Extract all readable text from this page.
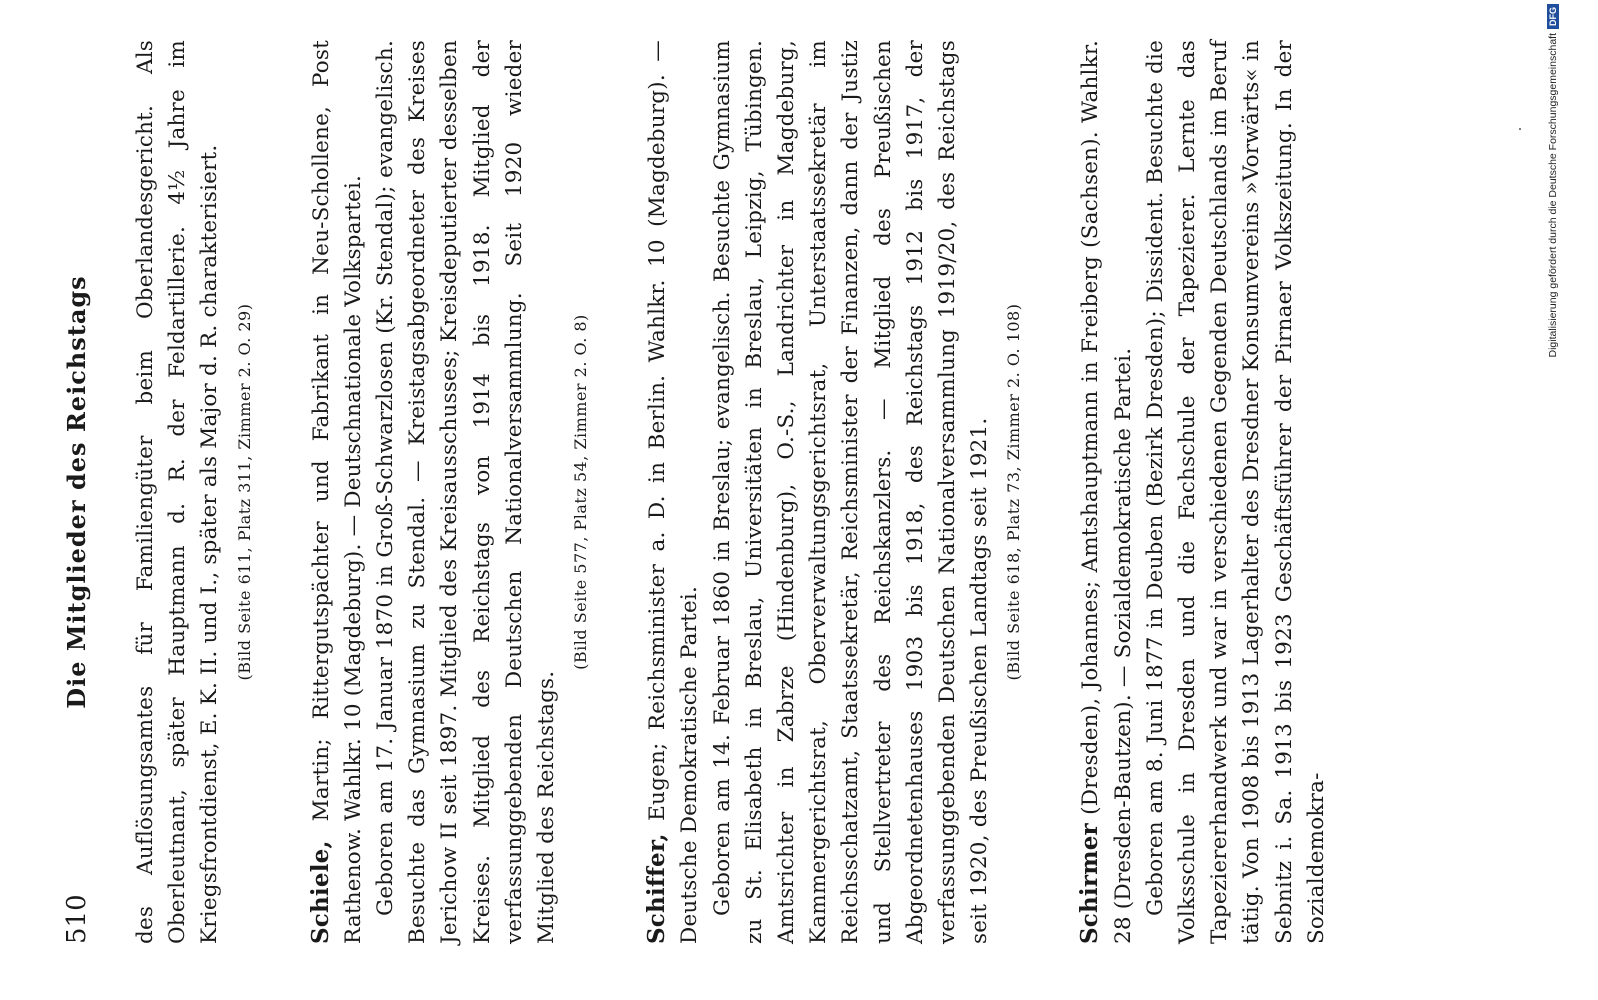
510
Die Mitglieder des Reichstags des Auflösungsamtes für Familiengüter beim Oberlandesgericht. Als Oberleutnant, später Hauptmann d. R. der Feldartillerie. 4½ Jahre im Kriegsfrontdienst, E. K. II. und I., später als Major d. R. charakterisiert. (Bild Seite 611, Platz 311, Zimmer 2. O. 29)

Schiele, Martin; Rittergutspächter und Fabrikant in Neu-Schollene, Post Rathenow. Wahlkr. 10 (Magdeburg). — Deutschnationale Volkspartei. Geboren am 17. Januar 1870 in Groß-Schwarzlosen (Kr. Stendal); evangelisch. Besuchte das Gymnasium zu Stendal. — Kreistagsabgeordneter des Kreises Jerichow II seit 1897. Mitglied des Kreisausschusses; Kreisdeputierter desselben Kreises. Mitglied des Reichstags von 1914 bis 1918. Mitglied der verfassunggebenden Deutschen Nationalversammlung. Seit 1920 wieder Mitglied des Reichstags.

(Bild Seite 577, Platz 54, Zimmer 2. O. 8)

Schiffer, Eugen; Reichsminister a. D. in Berlin. Wahlkr. 10 (Magdeburg). — Deutsche Demokratische Partei. Geboren am 14. Februar 1860 in Breslau; evangelisch. Besuchte Gymnasium zu St. Elisabeth in Breslau, Universitäten in Breslau, Leipzig, Tübingen. Amtsrichter in Zabrze (Hindenburg), O.-S., Landrichter in Magdeburg, Kammergerichtsrat, Oberverwaltungsgerichtsrat, Unterstaatssekretär im Reichsschatzamt, Staatssekretär, Reichsminister der Finanzen, dann der Justiz und Stellvertreter des Reichskanzlers. — Mitglied des Preußischen Abgeordnetenhauses 1903 bis 1918, des Reichstags 1912 bis 1917, der verfassunggebenden Deutschen Nationalversammlung 1919/20, des Reichstags seit 1920, des Preußischen Landtags seit 1921. (Bild Seite 618, Platz 73, Zimmer 2. O. 108)

Schirmer (Dresden), Johannes; Amtshauptmann in Freiberg (Sachsen). Wahlkr. 28 (Dresden-Bautzen). — Sozialdemokratische Partei. Geboren am 8. Juni 1877 in Deuben (Bezirk Dresden); Dissident. Besuchte die Volksschule in Dresden und die Fachschule der Tapezierer. Lernte das Tapeziererhandwerk und war in verschiedenen Gegenden Deutschlands im Beruf tätig. Von 1908 bis 1913 Lagerhalter des Dresdner Konsumvereins »Vorwärts« in Sebnitz i. Sa. 1913 bis 1923 Geschäftsführer der Pirnaer Volkszeitung. In der Sozialdemokra-

Digitalisierung gefördert durch die Deutsche Forschungsgemeinschaft
DFG
